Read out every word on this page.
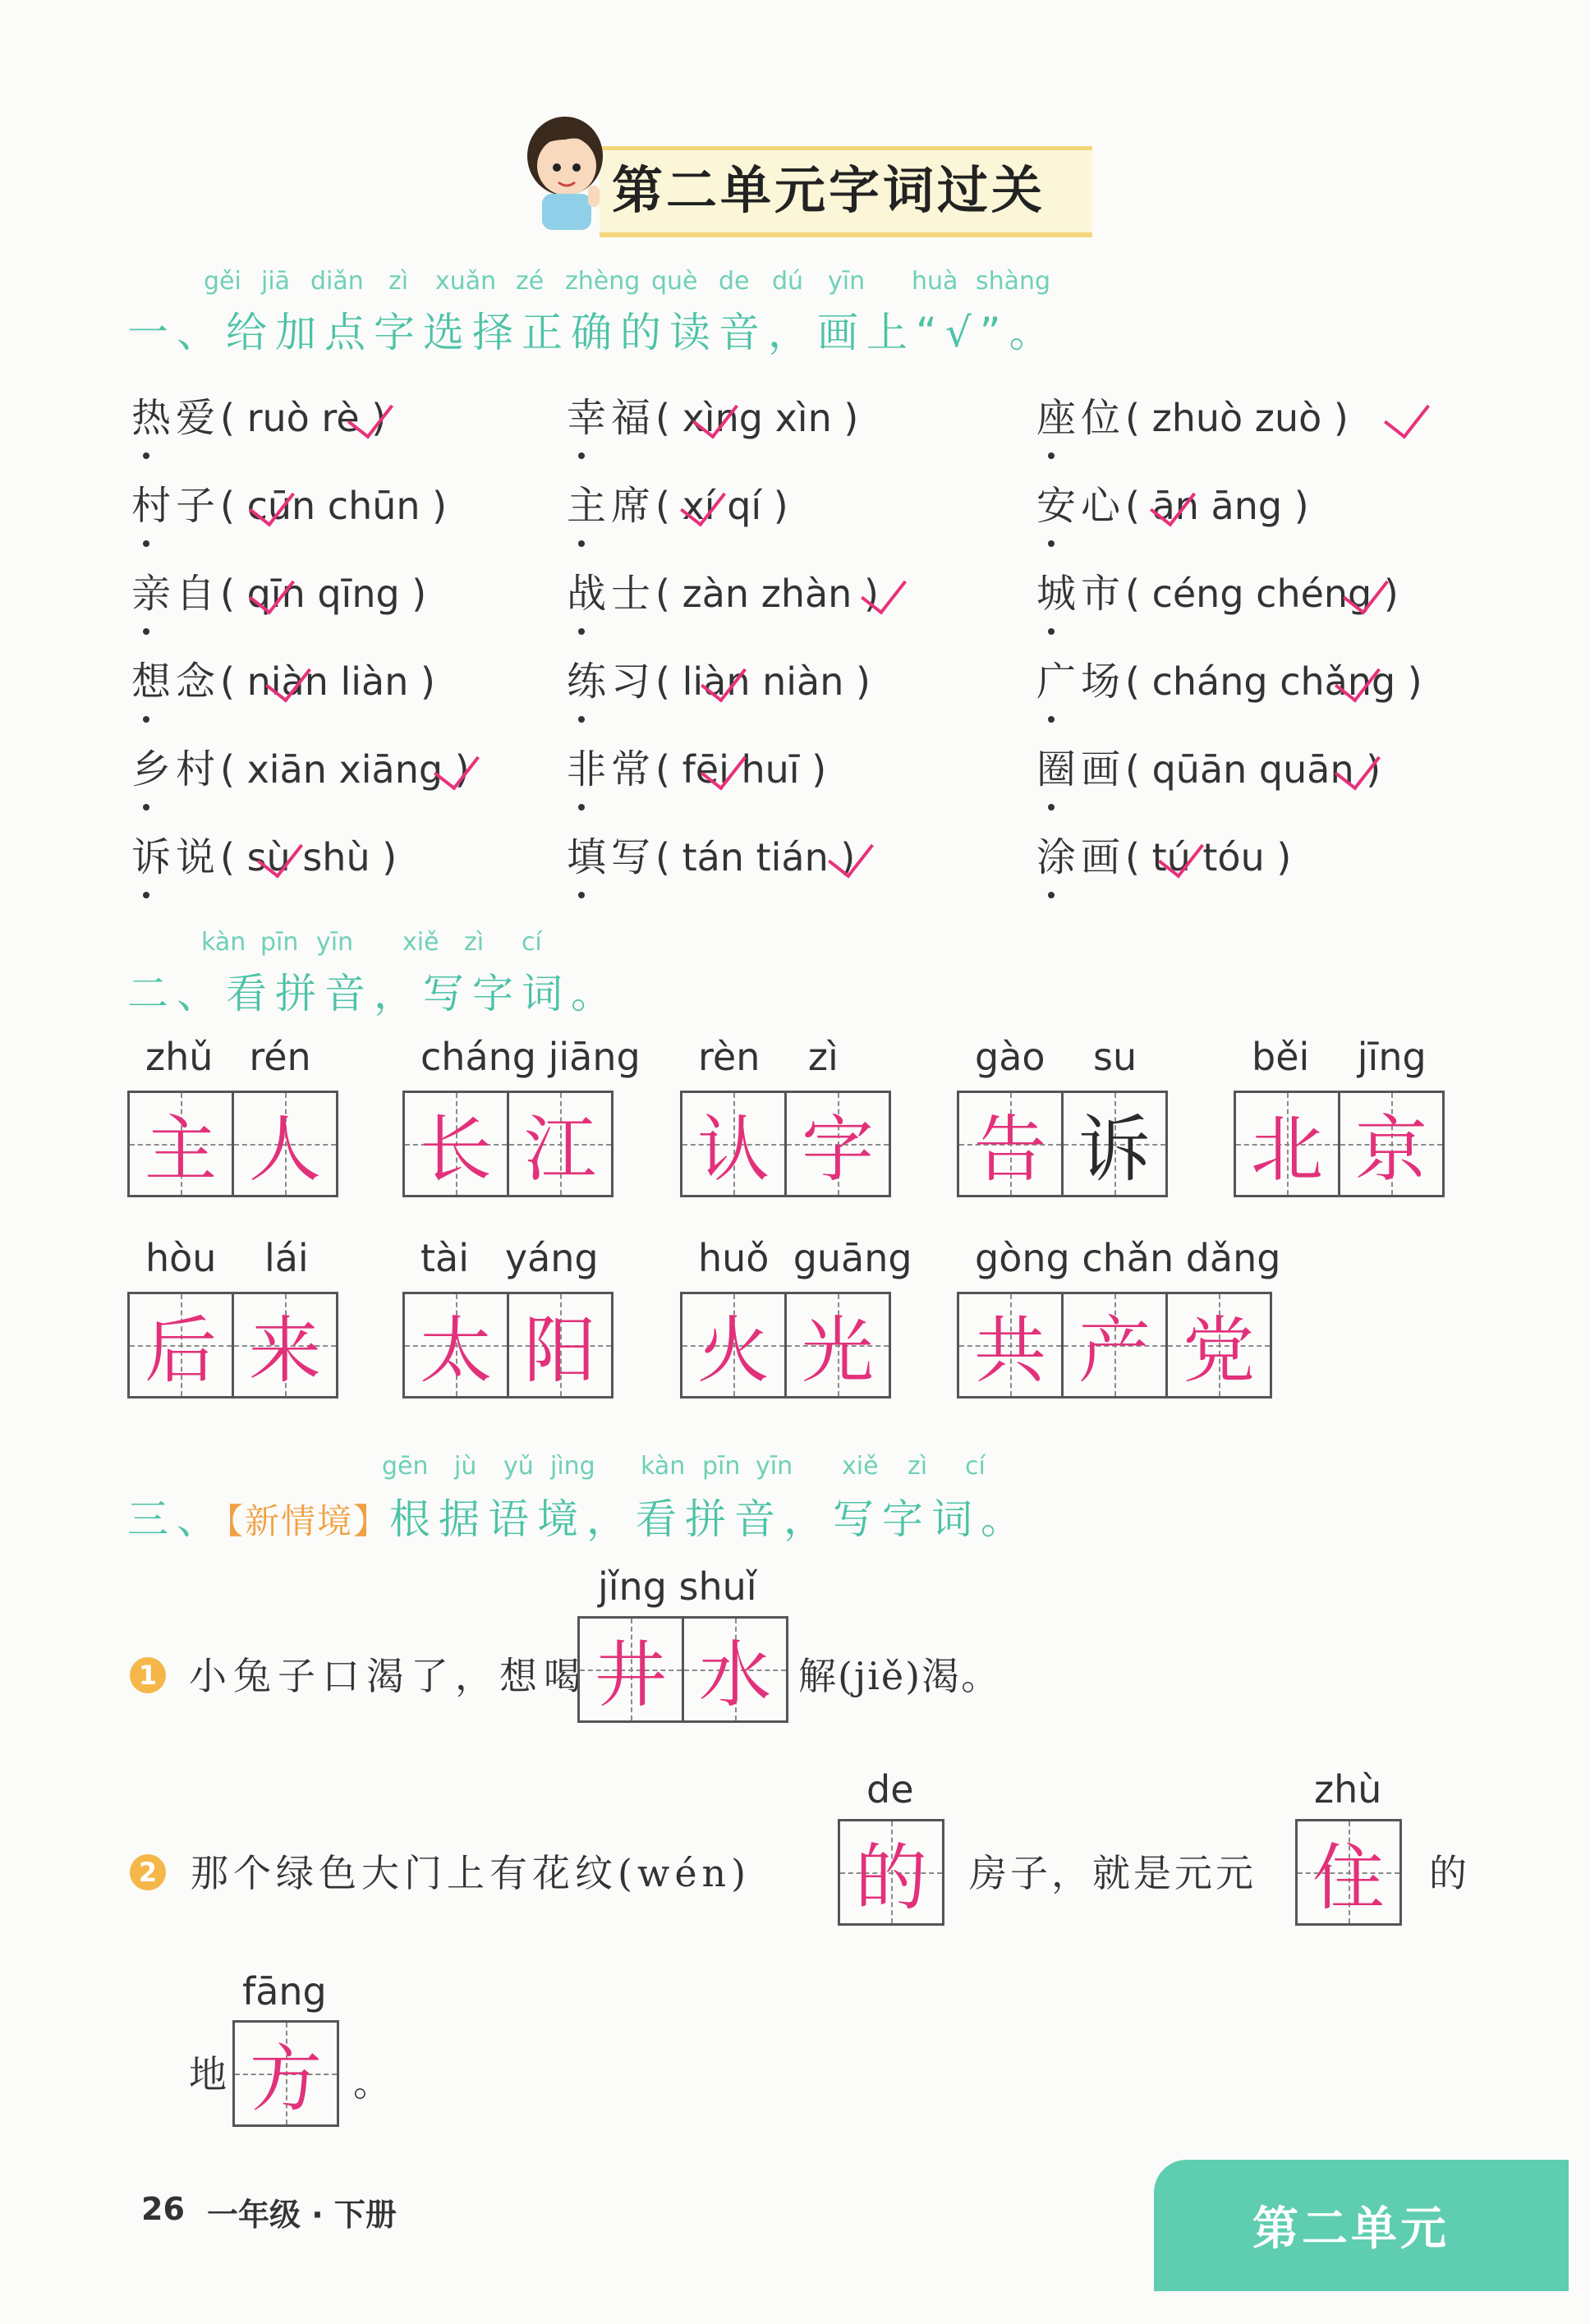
第二单元字词过关
gěi jiā diǎn zì xuǎn zé zhèng què de dú yīn huà shàng
一、给加点字选择正确的读音，画上“√”。
热爱( ruò rè )	幸福( xìng xìn )	座位( zhuò zuò )
村子( cūn chūn )	主席( xí qí )	安心( ān āng )
亲自( qīn qīng )	战士( zàn zhàn )	城市( céng chéng )
想念( niàn liàn )	练习( liàn niàn )	广场( cháng chǎng )
乡村( xiān xiāng ) 非常( fēi huī )	圈画( qūān quān )
诉说( sù shù )	填写( tán tián )	涂画( tú tóu )
kàn pīn yīn xiě zì cí
二、看拼音，写字词。
zhǔ   rén
主 人
cháng jiāng
长 江
rèn    zì
认 字
gào    su
告 诉
běi    jīng
北 京
hòu    lái
后 来
tài   yáng
太 阳
huǒ  guāng
火 光
gòng chǎn dǎng
共 产 党
gēn jù yǔ jìng kàn pīn yīn xiě zì cí
三、【新情境】根据语境，看拼音，写字词。
1 小兔子口渴了，想喝
jǐng shuǐ
井 水 解(jiě)渴。
2 那个绿色大门上有花纹(wén)
de
的	房子，就是元元
zhù
住	的
地
fāng
方 。
26 一年级 · 下册	第二单元
